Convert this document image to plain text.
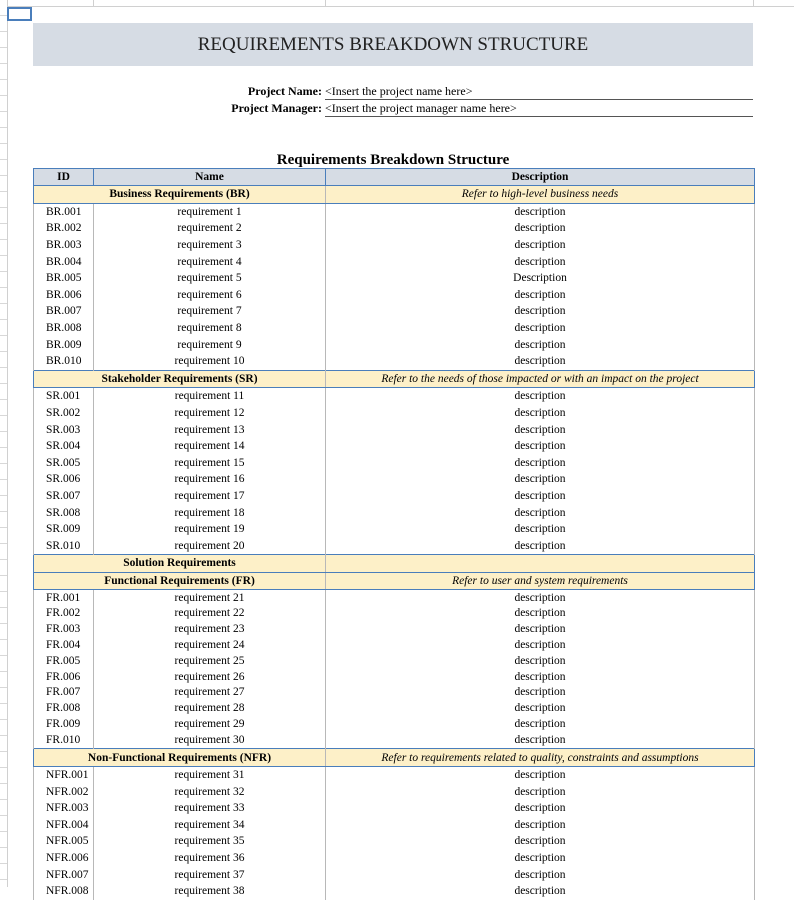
REQUIREMENTS BREAKDOWN STRUCTURE
Project Name: <Insert the project name here>
Project Manager: <Insert the project manager name here>
Requirements Breakdown Structure
ID	Name	Description
Business Requirements (BR)		Refer to high-level business needs
BR.001	requirement 1	description
BR.002	requirement 2	description
BR.003	requirement 3	description
BR.004	requirement 4	description
BR.005	requirement 5	Description
BR.006	requirement 6	description
BR.007	requirement 7	description
BR.008	requirement 8	description
BR.009	requirement 9	description
BR.010	requirement 10	description
Stakeholder Requirements (SR)		Refer to the needs of those impacted or with an impact on the project
SR.001	requirement 11	description
SR.002	requirement 12	description
SR.003	requirement 13	description
SR.004	requirement 14	description
SR.005	requirement 15	description
SR.006	requirement 16	description
SR.007	requirement 17	description
SR.008	requirement 18	description
SR.009	requirement 19	description
SR.010	requirement 20	description
Solution Requirements		
Functional Requirements (FR)		Refer to user and system requirements
FR.001	requirement 21	description
FR.002	requirement 22	description
FR.003	requirement 23	description
FR.004	requirement 24	description
FR.005	requirement 25	description
FR.006	requirement 26	description
FR.007	requirement 27	description
FR.008	requirement 28	description
FR.009	requirement 29	description
FR.010	requirement 30	description
Non-Functional Requirements (NFR)		Refer to requirements related to quality, constraints and assumptions
NFR.001	requirement 31	description
NFR.002	requirement 32	description
NFR.003	requirement 33	description
NFR.004	requirement 34	description
NFR.005	requirement 35	description
NFR.006	requirement 36	description
NFR.007	requirement 37	description
NFR.008	requirement 38	description
